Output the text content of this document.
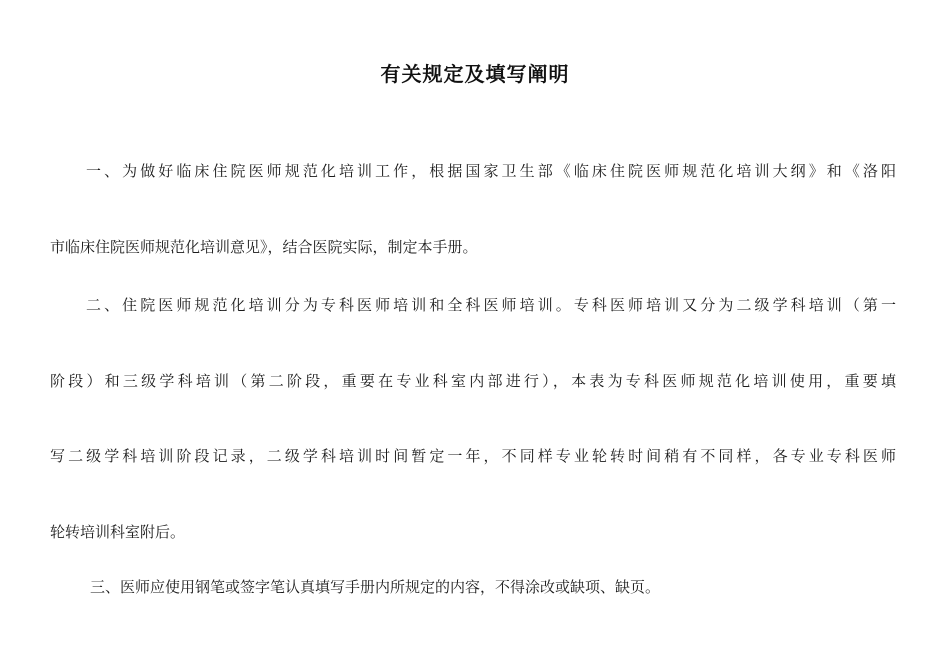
有关规定及填写阐明
一、为做好临床住院医师规范化培训工作，根据国家卫生部《临床住院医师规范化培训大纲》和《洛阳
市临床住院医师规范化培训意见》，结合医院实际，制定本手册。
二、住院医师规范化培训分为专科医师培训和全科医师培训。专科医师培训又分为二级学科培训（第一
阶段）和三级学科培训（第二阶段，重要在专业科室内部进行），本表为专科医师规范化培训使用，重要填
写二级学科培训阶段记录，二级学科培训时间暂定一年，不同样专业轮转时间稍有不同样，各专业专科医师
轮转培训科室附后。
三、医师应使用钢笔或签字笔认真填写手册内所规定的内容，不得涂改或缺项、缺页。
